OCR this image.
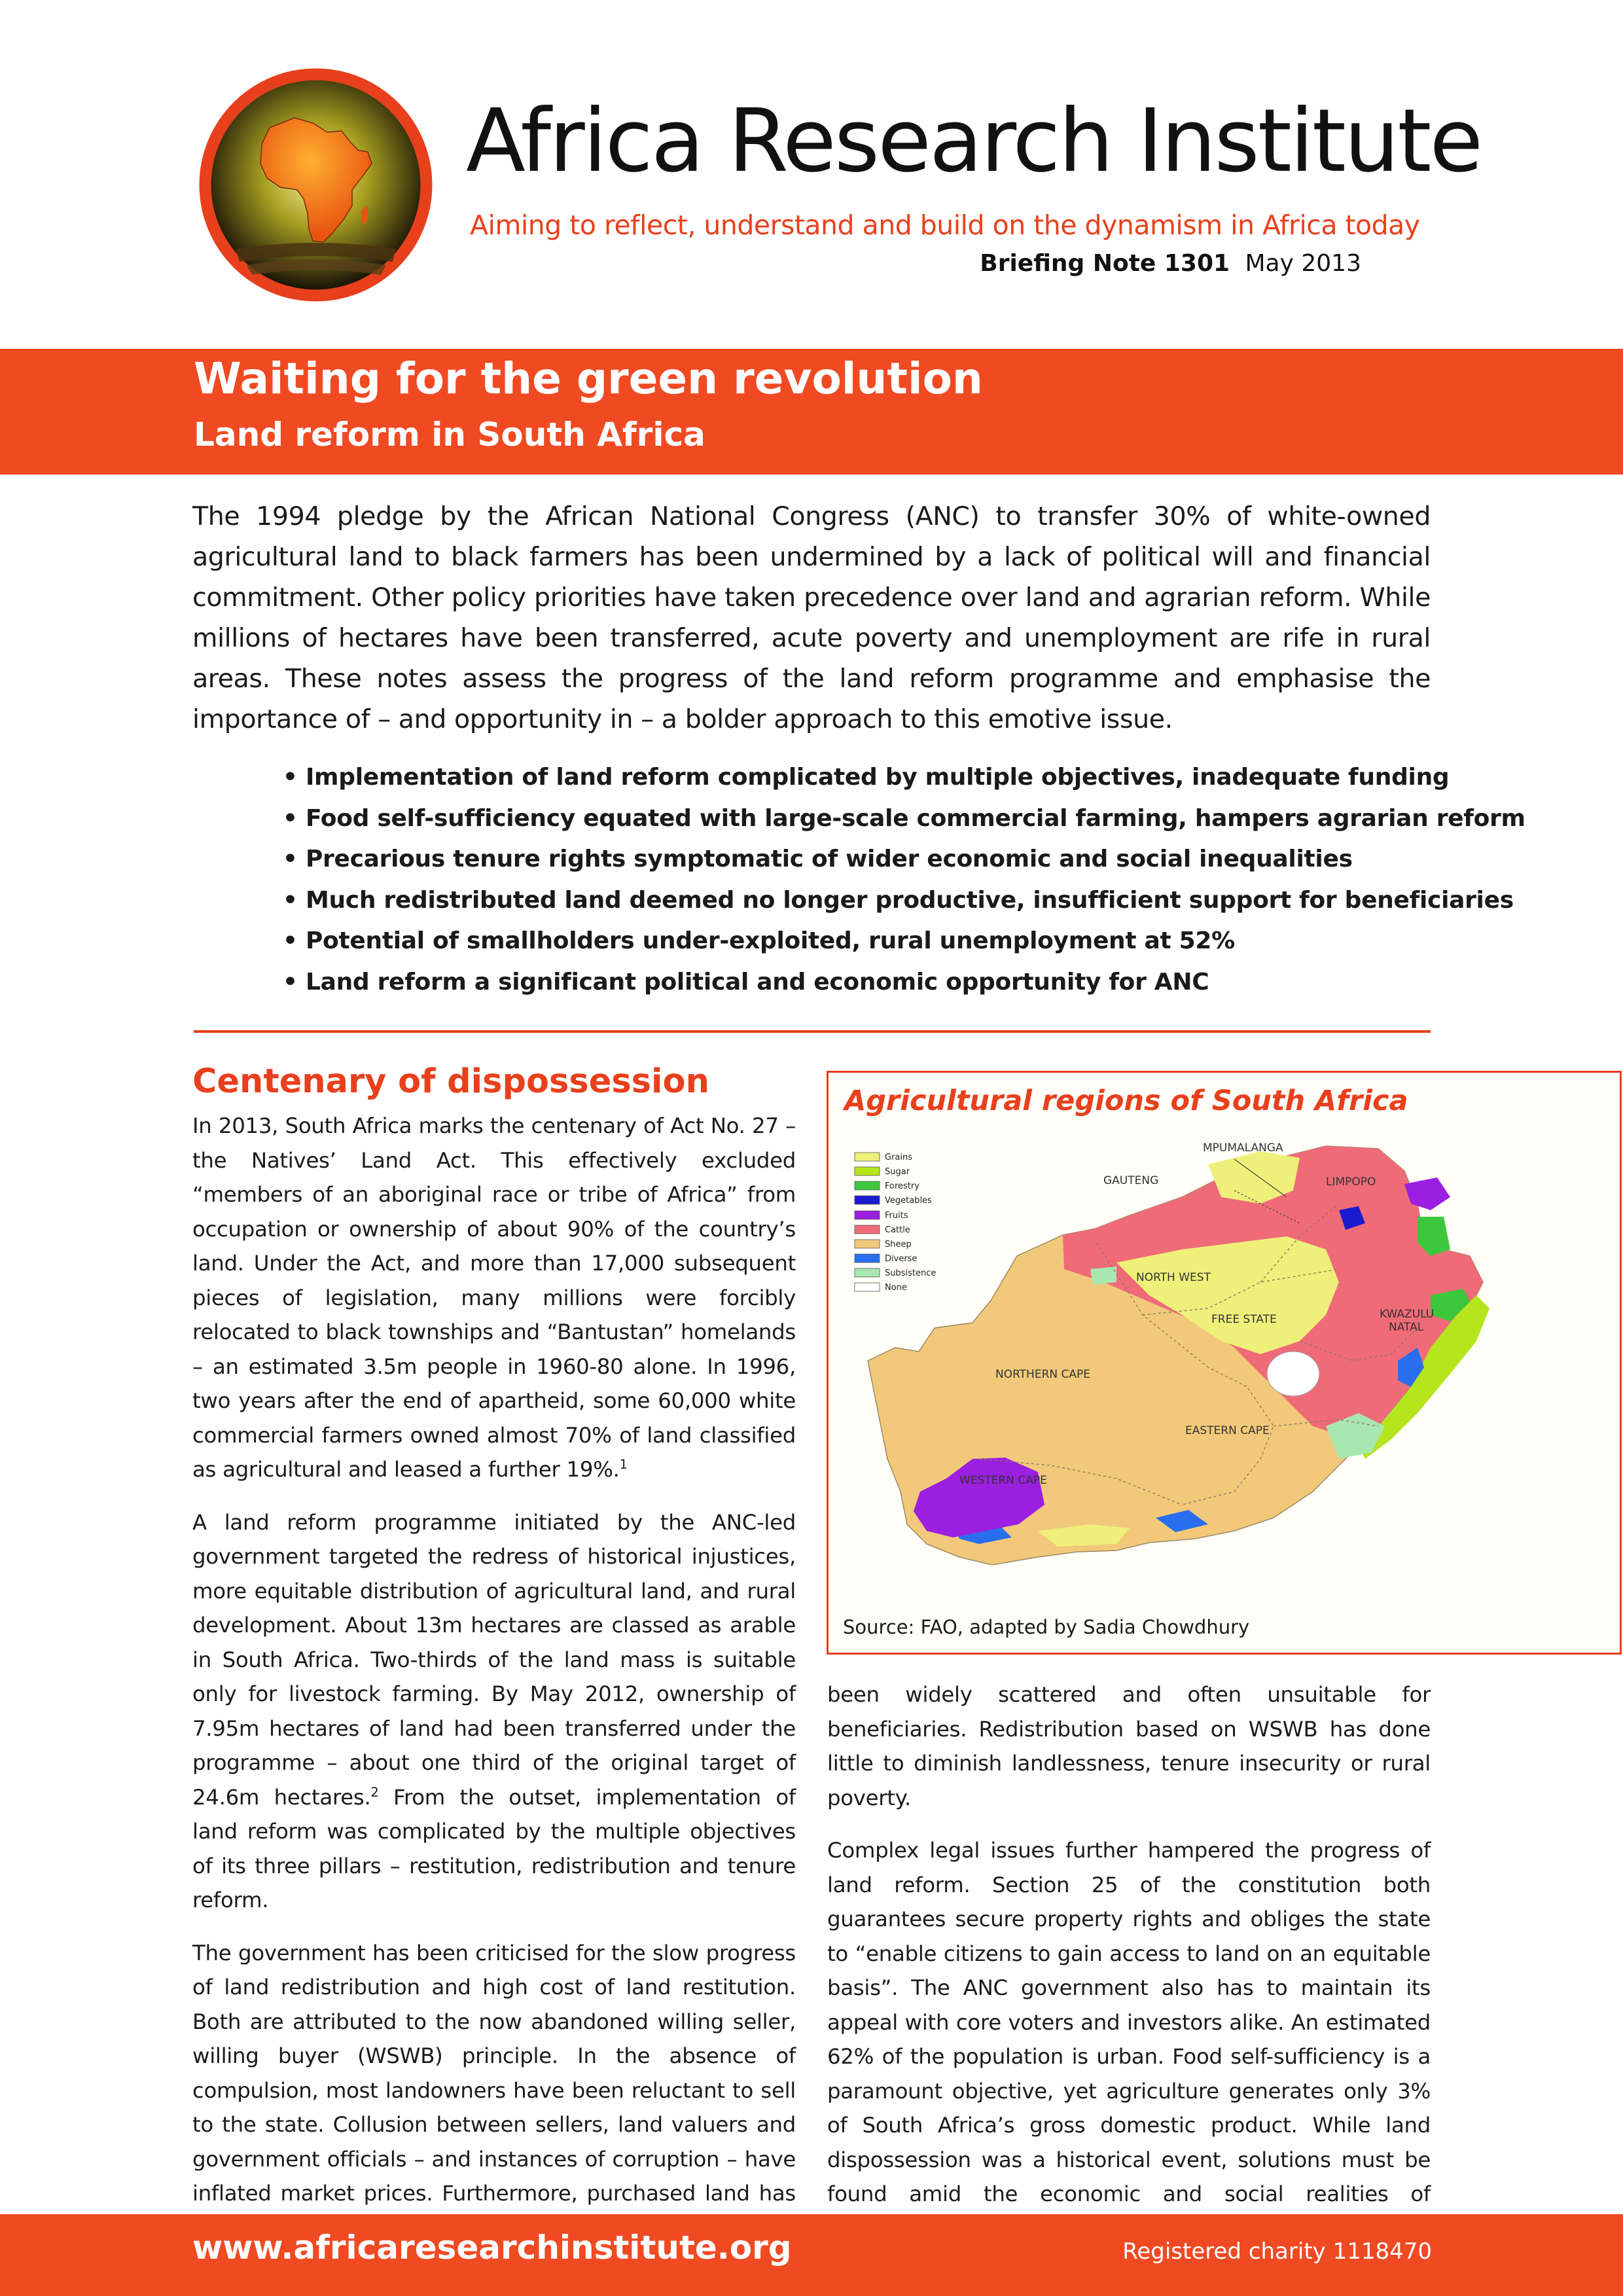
Africa Research Institute
Aiming to reflect, understand and build on the dynamism in Africa today
Briefing Note 1301 May 2013
Waiting for the green revolution
Land reform in South Africa
The 1994 pledge by the African National Congress (ANC) to transfer 30% of white-owned agricultural land to black farmers has been undermined by a lack of political will and financial commitment. Other policy priorities have taken precedence over land and agrarian reform. While millions of hectares have been transferred, acute poverty and unemployment are rife in rural areas. These notes assess the progress of the land reform programme and emphasise the importance of – and opportunity in – a bolder approach to this emotive issue.
• Implementation of land reform complicated by multiple objectives, inadequate funding
• Food self-sufficiency equated with large-scale commercial farming, hampers agrarian reform
• Precarious tenure rights symptomatic of wider economic and social inequalities
• Much redistributed land deemed no longer productive, insufficient support for beneficiaries
• Potential of smallholders under-exploited, rural unemployment at 52%
• Land reform a significant political and economic opportunity for ANC
Centenary of dispossession

In 2013, South Africa marks the centenary of Act No. 27 – the Natives’ Land Act. This effectively excluded “members of an aboriginal race or tribe of Africa” from occupation or ownership of about 90% of the country’s land. Under the Act, and more than 17,000 subsequent pieces of legislation, many millions were forcibly relocated to black townships and “Bantustan” homelands – an estimated 3.5m people in 1960-80 alone. In 1996, two years after the end of apartheid, some 60,000 white commercial farmers owned almost 70% of land classified as agricultural and leased a further 19%.$^1$

A land reform programme initiated by the ANC-led government targeted the redress of historical injustices, more equitable distribution of agricultural land, and rural development. About 13m hectares are classed as arable in South Africa. Two-thirds of the land mass is suitable only for livestock farming. By May 2012, ownership of 7.95m hectares of land had been transferred under the programme – about one third of the original target of 24.6m hectares.$^2$ From the outset, implementation of land reform was complicated by the multiple objectives of its three pillars – restitution, redistribution and tenure reform.

The government has been criticised for the slow progress of land redistribution and high cost of land restitution. Both are attributed to the now abandoned willing seller, willing buyer (WSWB) principle. In the absence of compulsion, most landowners have been reluctant to sell to the state. Collusion between sellers, land valuers and government officials – and instances of corruption – have inflated market prices. Furthermore, purchased land has

Agricultural regions of South Africa
Grains
Sugar
Forestry
Vegetables
Fruits
Cattle
Sheep
Diverse
Subsistence
None
MPUMALANGA
GAUTENG	LIMPOPO
NORTH WEST
FREE STATE	KWAZULU
NATAL
NORTHERN CAPE
EASTERN CAPE
WESTERN CAPE
Source: FAO, adapted by Sadia Chowdhury

been widely scattered and often unsuitable for beneficiaries. Redistribution based on WSWB has done little to diminish landlessness, tenure insecurity or rural poverty.

Complex legal issues further hampered the progress of land reform. Section 25 of the constitution both guarantees secure property rights and obliges the state to “enable citizens to gain access to land on an equitable basis”. The ANC government also has to maintain its appeal with core voters and investors alike. An estimated 62% of the population is urban. Food self-sufficiency is a paramount objective, yet agriculture generates only 3% of South Africa’s gross domestic product. While land dispossession was a historical event, solutions must be found amid the economic and social realities of

www.africaresearchinstitute.org	Registered charity 1118470
